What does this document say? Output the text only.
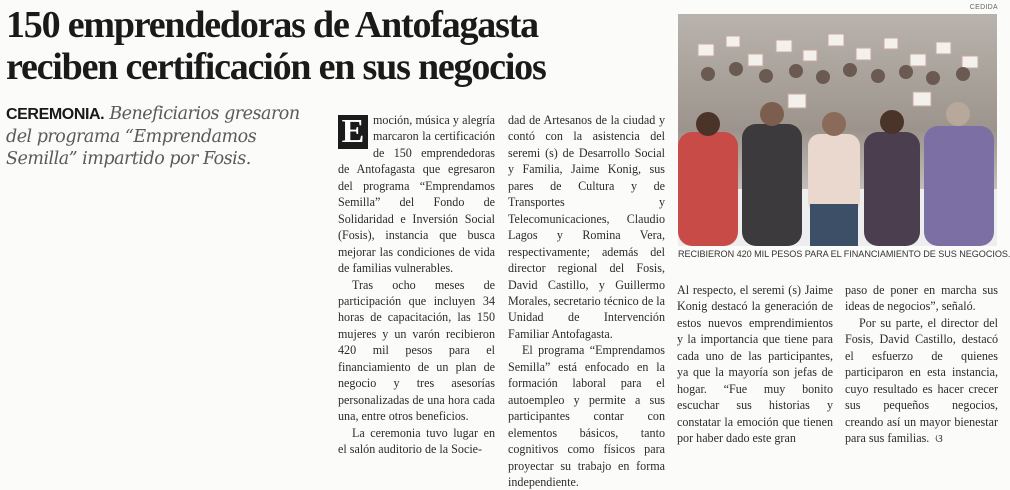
150 emprendedoras de Antofagasta
reciben certificación en sus negocios
CEREMONIA. Beneficiarios gresaron del programa “Emprendamos Semilla” impartido por Fosis.

E moción, música y alegría marcaron la certificación de 150 emprendedoras de Antofagasta que egresaron del programa “Emprendamos Semilla” del Fondo de Solidaridad e Inversión Social (Fosis), instancia que busca mejorar las condiciones de vida de familias vulnerables.

Tras ocho meses de participación que incluyen 34 horas de capacitación, las 150 mujeres y un varón recibieron 420 mil pesos para el financiamiento de un plan de negocio y tres asesorías personalizadas de una hora cada una, entre otros beneficios.

La ceremonia tuvo lugar en el salón auditorio de la Socie-

dad de Artesanos de la ciudad y contó con la asistencia del seremi (s) de Desarrollo Social y Familia, Jaime Konig, sus pares de Cultura y de Transportes y Telecomunicaciones, Claudio Lagos y Romina Vera, respectivamente; además del director regional del Fosis, David Castillo, y Guillermo Morales, secretario técnico de la Unidad de Intervención Familiar Antofagasta.

El programa “Emprendamos Semilla” está enfocado en la formación laboral para el autoempleo y permite a sus participantes contar con elementos básicos, tanto cognitivos como físicos para proyectar su trabajo en forma independiente.

CEDIDA
RECIBIERON 420 MIL PESOS PARA EL FINANCIAMIENTO DE SUS NEGOCIOS.

Al respecto, el seremi (s) Jaime Konig destacó la generación de estos nuevos emprendimientos y la importancia que tiene para cada uno de las participantes, ya que la mayoría son jefas de hogar. “Fue muy bonito escuchar sus historias y constatar la emoción que tienen por haber dado este gran

paso de poner en marcha sus ideas de negocios”, señaló.

Por su parte, el director del Fosis, David Castillo, destacó el esfuerzo de quienes participaron en esta instancia, cuyo resultado es hacer crecer sus pequeños negocios, creando así un mayor bienestar para sus familias. ଓ
